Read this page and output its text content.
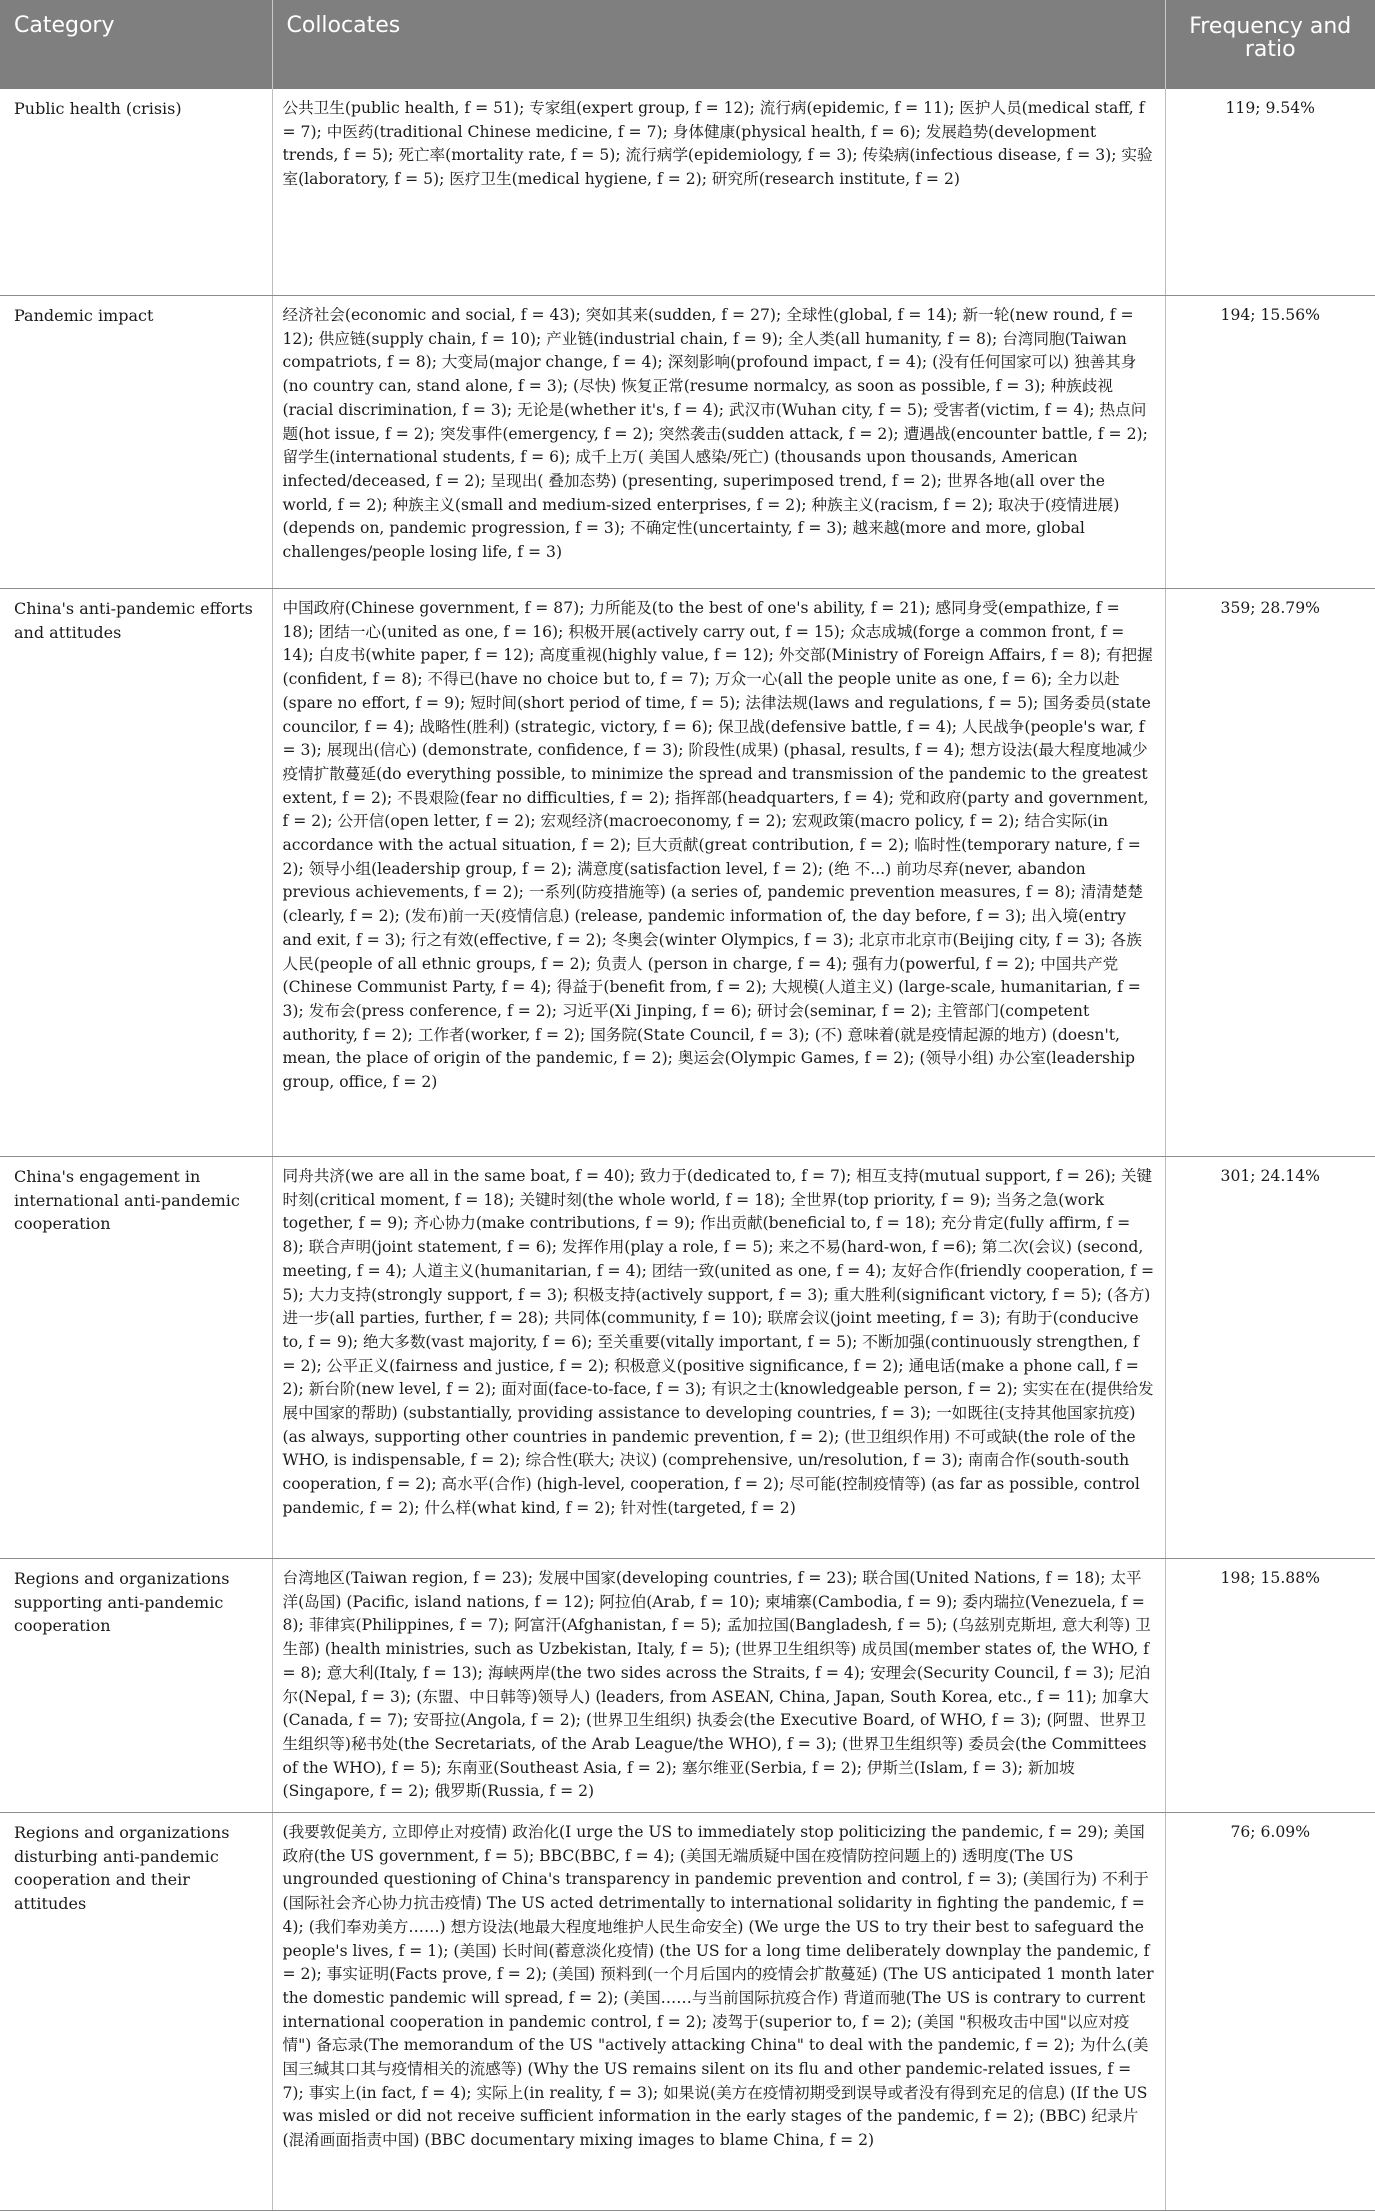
Category	Collocates	Frequency and ratio
Public health (crisis)	公共卫生(public health, f = 51); 专家组(expert group, f = 12); 流行病(epidemic, f = 11); 医护人员(medical staff, f = 7); 中医药(traditional Chinese medicine, f = 7); 身体健康(physical health, f = 6); 发展趋势(development trends, f = 5); 死亡率(mortality rate, f = 5); 流行病学(epidemiology, f = 3); 传染病(infectious disease, f = 3); 实验室(laboratory, f = 5); 医疗卫生(medical hygiene, f = 2); 研究所(research institute, f = 2)	119; 9.54%
Pandemic impact	经济社会(economic and social, f = 43); 突如其来(sudden, f = 27); 全球性(global, f = 14); 新一轮(new round, f = 12); 供应链(supply chain, f = 10); 产业链(industrial chain, f = 9); 全人类(all humanity, f = 8); 台湾同胞(Taiwan compatriots, f = 8); 大变局(major change, f = 4); 深刻影响(profound impact, f = 4); (没有任何国家可以) 独善其身(no country can, stand alone, f = 3); (尽快) 恢复正常(resume normalcy, as soon as possible, f = 3); 种族歧视(racial discrimination, f = 3); 无论是(whether it's, f = 4); 武汉市(Wuhan city, f = 5); 受害者(victim, f = 4); 热点问题(hot issue, f = 2); 突发事件(emergency, f = 2); 突然袭击(sudden attack, f = 2); 遭遇战(encounter battle, f = 2); 留学生(international students, f = 6); 成千上万( 美国人感染/死亡) (thousands upon thousands, American infected/deceased, f = 2); 呈现出( 叠加态势) (presenting, superimposed trend, f = 2); 世界各地(all over the world, f = 2); 种族主义(small and medium-sized enterprises, f = 2); 种族主义(racism, f = 2); 取决于(疫情进展) (depends on, pandemic progression, f = 3); 不确定性(uncertainty, f = 3); 越来越(more and more, global challenges/people losing life, f = 3)	194; 15.56%
China's anti-pandemic efforts and attitudes	中国政府(Chinese government, f = 87); 力所能及(to the best of one's ability, f = 21); 感同身受(empathize, f = 18); 团结一心(united as one, f = 16); 积极开展(actively carry out, f = 15); 众志成城(forge a common front, f = 14); 白皮书(white paper, f = 12); 高度重视(highly value, f = 12); 外交部(Ministry of Foreign Affairs, f = 8); 有把握(confident, f = 8); 不得已(have no choice but to, f = 7); 万众一心(all the people unite as one, f = 6); 全力以赴(spare no effort, f = 9); 短时间(short period of time, f = 5); 法律法规(laws and regulations, f = 5); 国务委员(state councilor, f = 4); 战略性(胜利) (strategic, victory, f = 6); 保卫战(defensive battle, f = 4); 人民战争(people's war, f = 3); 展现出(信心) (demonstrate, confidence, f = 3); 阶段性(成果) (phasal, results, f = 4); 想方设法(最大程度地减少疫情扩散蔓延(do everything possible, to minimize the spread and transmission of the pandemic to the greatest extent, f = 2); 不畏艰险(fear no difficulties, f = 2); 指挥部(headquarters, f = 4); 党和政府(party and government, f = 2); 公开信(open letter, f = 2); 宏观经济(macroeconomy, f = 2); 宏观政策(macro policy, f = 2); 结合实际(in accordance with the actual situation, f = 2); 巨大贡献(great contribution, f = 2); 临时性(temporary nature, f = 2); 领导小组(leadership group, f = 2); 满意度(satisfaction level, f = 2); (绝 不...) 前功尽弃(never, abandon previous achievements, f = 2); 一系列(防疫措施等) (a series of, pandemic prevention measures, f = 8); 清清楚楚(clearly, f = 2); (发布)前一天(疫情信息) (release, pandemic information of, the day before, f = 3); 出入境(entry and exit, f = 3); 行之有效(effective, f = 2); 冬奥会(winter Olympics, f = 3); 北京市北京市(Beijing city, f = 3); 各族人民(people of all ethnic groups, f = 2); 负责人 (person in charge, f = 4); 强有力(powerful, f = 2); 中国共产党(Chinese Communist Party, f = 4); 得益于(benefit from, f = 2); 大规模(人道主义) (large-scale, humanitarian, f = 3); 发布会(press conference, f = 2); 习近平(Xi Jinping, f = 6); 研讨会(seminar, f = 2); 主管部门(competent authority, f = 2); 工作者(worker, f = 2); 国务院(State Council, f = 3); (不) 意味着(就是疫情起源的地方) (doesn't, mean, the place of origin of the pandemic, f = 2); 奥运会(Olympic Games, f = 2); (领导小组) 办公室(leadership group, office, f = 2)	359; 28.79%
China's engagement in international anti-pandemic cooperation	同舟共济(we are all in the same boat, f = 40); 致力于(dedicated to, f = 7); 相互支持(mutual support, f = 26); 关键时刻(critical moment, f = 18); 关键时刻(the whole world, f = 18); 全世界(top priority, f = 9); 当务之急(work together, f = 9); 齐心协力(make contributions, f = 9); 作出贡献(beneficial to, f = 18); 充分肯定(fully affirm, f = 8); 联合声明(joint statement, f = 6); 发挥作用(play a role, f = 5); 来之不易(hard-won, f =6); 第二次(会议) (second, meeting, f = 4); 人道主义(humanitarian, f = 4); 团结一致(united as one, f = 4); 友好合作(friendly cooperation, f = 5); 大力支持(strongly support, f = 3); 积极支持(actively support, f = 3); 重大胜利(significant victory, f = 5); (各方) 进一步(all parties, further, f = 28); 共同体(community, f = 10); 联席会议(joint meeting, f = 3); 有助于(conducive to, f = 9); 绝大多数(vast majority, f = 6); 至关重要(vitally important, f = 5); 不断加强(continuously strengthen, f = 2); 公平正义(fairness and justice, f = 2); 积极意义(positive significance, f = 2); 通电话(make a phone call, f = 2); 新台阶(new level, f = 2); 面对面(face-to-face, f = 3); 有识之士(knowledgeable person, f = 2); 实实在在(提供给发展中国家的帮助) (substantially, providing assistance to developing countries, f = 3); 一如既往(支持其他国家抗疫) (as always, supporting other countries in pandemic prevention, f = 2); (世卫组织作用) 不可或缺(the role of the WHO, is indispensable, f = 2); 综合性(联大; 决议) (comprehensive, un/resolution, f = 3); 南南合作(south-south cooperation, f = 2); 高水平(合作) (high-level, cooperation, f = 2); 尽可能(控制疫情等) (as far as possible, control pandemic, f = 2); 什么样(what kind, f = 2); 针对性(targeted, f = 2)	301; 24.14%
Regions and organizations supporting anti-pandemic cooperation	台湾地区(Taiwan region, f = 23); 发展中国家(developing countries, f = 23); 联合国(United Nations, f = 18); 太平洋(岛国) (Pacific, island nations, f = 12); 阿拉伯(Arab, f = 10); 柬埔寨(Cambodia, f = 9); 委内瑞拉(Venezuela, f = 8); 菲律宾(Philippines, f = 7); 阿富汗(Afghanistan, f = 5); 孟加拉国(Bangladesh, f = 5); (乌兹别克斯坦, 意大利等) 卫生部) (health ministries, such as Uzbekistan, Italy, f = 5); (世界卫生组织等) 成员国(member states of, the WHO, f = 8); 意大利(Italy, f = 13); 海峡两岸(the two sides across the Straits, f = 4); 安理会(Security Council, f = 3); 尼泊尔(Nepal, f = 3); (东盟、中日韩等)领导人) (leaders, from ASEAN, China, Japan, South Korea, etc., f = 11); 加拿大(Canada, f = 7); 安哥拉(Angola, f = 2); (世界卫生组织) 执委会(the Executive Board, of WHO, f = 3); (阿盟、世界卫生组织等)秘书处(the Secretariats, of the Arab League/the WHO), f = 3); (世界卫生组织等) 委员会(the Committees of the WHO), f = 5); 东南亚(Southeast Asia, f = 2); 塞尔维亚(Serbia, f = 2); 伊斯兰(Islam, f = 3); 新加坡(Singapore, f = 2); 俄罗斯(Russia, f = 2)	198; 15.88%
Regions and organizations disturbing anti-pandemic cooperation and their attitudes	(我要敦促美方, 立即停止对疫情) 政治化(I urge the US to immediately stop politicizing the pandemic, f = 29); 美国政府(the US government, f = 5); BBC(BBC, f = 4); (美国无端质疑中国在疫情防控问题上的) 透明度(The US ungrounded questioning of China's transparency in pandemic prevention and control, f = 3); (美国行为) 不利于(国际社会齐心协力抗击疫情) The US acted detrimentally to international solidarity in fighting the pandemic, f = 4); (我们奉劝美方……) 想方设法(地最大程度地维护人民生命安全) (We urge the US to try their best to safeguard the people's lives, f = 1); (美国) 长时间(蓄意淡化疫情) (the US for a long time deliberately downplay the pandemic, f = 2); 事实证明(Facts prove, f = 2); (美国) 预料到(一个月后国内的疫情会扩散蔓延) (The US anticipated 1 month later the domestic pandemic will spread, f = 2); (美国……与当前国际抗疫合作) 背道而驰(The US is contrary to current international cooperation in pandemic control, f = 2); 凌驾于(superior to, f = 2); (美国 "积极攻击中国"以应对疫情") 备忘录(The memorandum of the US "actively attacking China" to deal with the pandemic, f = 2); 为什么(美国三缄其口其与疫情相关的流感等) (Why the US remains silent on its flu and other pandemic-related issues, f = 7); 事实上(in fact, f = 4); 实际上(in reality, f = 3); 如果说(美方在疫情初期受到误导或者没有得到充足的信息) (If the US was misled or did not receive sufficient information in the early stages of the pandemic, f = 2); (BBC) 纪录片(混淆画面指责中国) (BBC documentary mixing images to blame China, f = 2)	76; 6.09%
